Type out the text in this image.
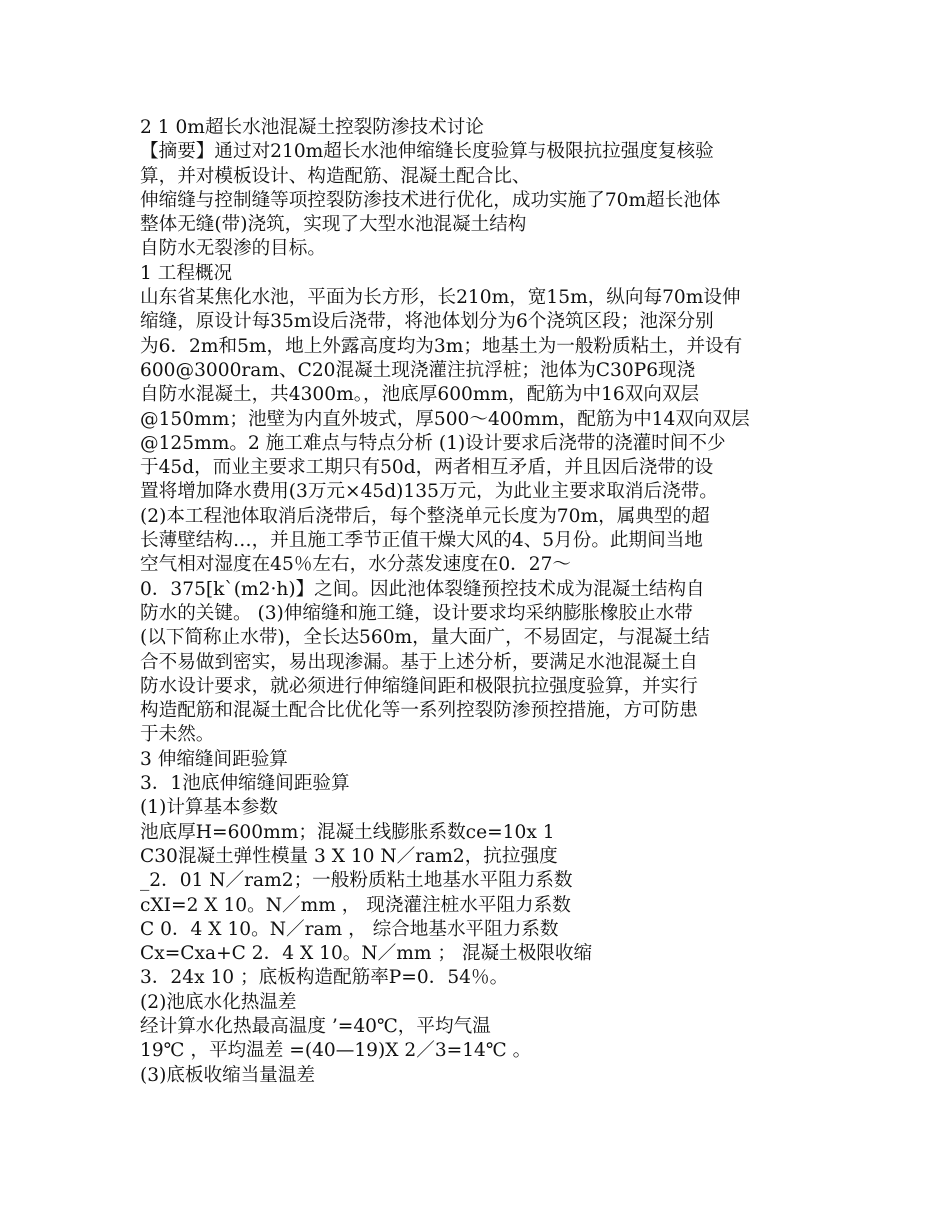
2 1 0m超长水池混凝土控裂防渗技术讨论
【摘要】通过对210m超长水池伸缩缝长度验算与极限抗拉强度复核验
算，并对模板设计、构造配筋、混凝土配合比、
伸缩缝与控制缝等项控裂防渗技术进行优化，成功实施了70m超长池体
整体无缝(带)浇筑，实现了大型水池混凝土结构
自防水无裂渗的目标。
1 工程概况
山东省某焦化水池，平面为长方形，长210m，宽15m，纵向每70m设伸
缩缝，原设计每35m设后浇带，将池体划分为6个浇筑区段；池深分别
为6．2m和5m，地上外露高度均为3m；地基土为一般粉质粘土，并设有
600@3000ram、C20混凝土现浇灌注抗浮桩；池体为C30P6现浇
自防水混凝土，共4300m。，池底厚600mm，配筋为中16双向双层
@150mm；池壁为内直外坡式，厚500～400mm，配筋为中14双向双层
@125mm。2 施工难点与特点分析 (1)设计要求后浇带的浇灌时间不少
于45d，而业主要求工期只有50d，两者相互矛盾，并且因后浇带的设
置将增加降水费用(3万元×45d)135万元，为此业主要求取消后浇带。
(2)本工程池体取消后浇带后，每个整浇单元长度为70m，属典型的超
长薄壁结构…，并且施工季节正值干燥大风的4、5月份。此期间当地
空气相对湿度在45％左右，水分蒸发速度在0．27～
0．375[k`(m2·h)】之间。因此池体裂缝预控技术成为混凝土结构自
防水的关键。 (3)伸缩缝和施工缝，设计要求均采纳膨胀橡胶止水带
(以下简称止水带)，全长达560m，量大面广，不易固定，与混凝土结
合不易做到密实，易出现渗漏。基于上述分析，要满足水池混凝土自
防水设计要求，就必须进行伸缩缝间距和极限抗拉强度验算，并实行
构造配筋和混凝土配合比优化等一系列控裂防渗预控措施，方可防患
于未然。
3 伸缩缝间距验算
3．1池底伸缩缝间距验算
(1)计算基本参数
池底厚H=600mm；混凝土线膨胀系数ce=10x 1
C30混凝土弹性模量 3 X 10 N／ram2，抗拉强度
_2．01 N／ram2；一般粉质粘土地基水平阻力系数
cXI=2 X 10。N／mm ， 现浇灌注桩水平阻力系数
C 0．4 X 10。N／ram ， 综合地基水平阻力系数
Cx=Cxa+C 2．4 X 10。N／mm ； 混凝土极限收缩
3．24x 10 ；底板构造配筋率P=0．54％。
(2)池底水化热温差
经计算水化热最高温度 ’=40℃，平均气温
19℃ ，平均温差 =(40—19)X 2／3=14℃ 。
(3)底板收缩当量温差
